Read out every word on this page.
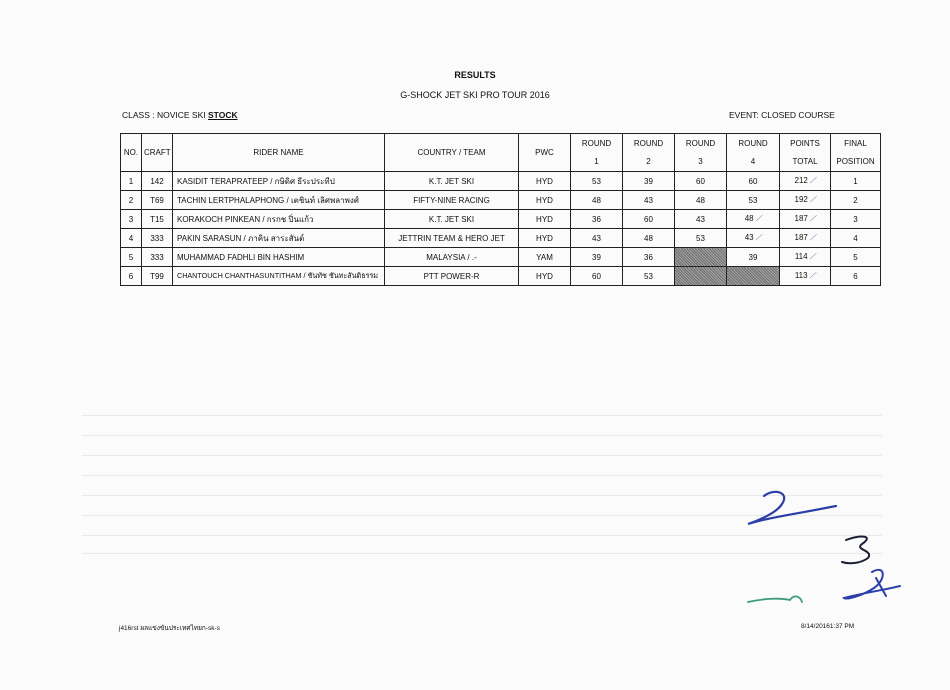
RESULTS
G-SHOCK JET SKI PRO TOUR 2016
CLASS : NOVICE SKI STOCK	EVENT: CLOSED COURSE
NO.	CRAFT	RIDER NAME	COUNTRY / TEAM	PWC	ROUND	ROUND	ROUND	ROUND	POINTS	FINAL
					1	2	3	4	TOTAL	POSITION
1	142	KASIDIT TERAPRATEEP / กษิดิศ ธีระประทีป	K.T. JET SKI	HYD	53	39	60	60	212 ⟋	1
2	T69	TACHIN LERTPHALAPHONG / เตชินท์ เลิศพลาพงศ์	FIFTY-NINE RACING	HYD	48	43	48	53	192 ⟋	2
3	T15	KORAKOCH PINKEAN / กรกช ปิ่นแก้ว	K.T. JET SKI	HYD	36	60	43	48 ⟋	187 ⟋	3
4	333	PAKIN SARASUN / ภาคิน สาระสันต์	JETTRIN TEAM & HERO JET	HYD	43	48	53	43 ⟋	187 ⟋	4
5	333	MUHAMMAD FADHLI BIN HASHIM	MALAYSIA / .-	YAM	39	36		39	114 ⟋	5
6	T99	CHANTOUCH CHANTHASUNTITHAM / ชันทัช ชันทะสันติธรรม	PTT POWER-R	HYD	60	53			113 ⟋	6
j416rst ผลแข่งขันประเทศไทยก-sk-s	8/14/20161:37 PM
